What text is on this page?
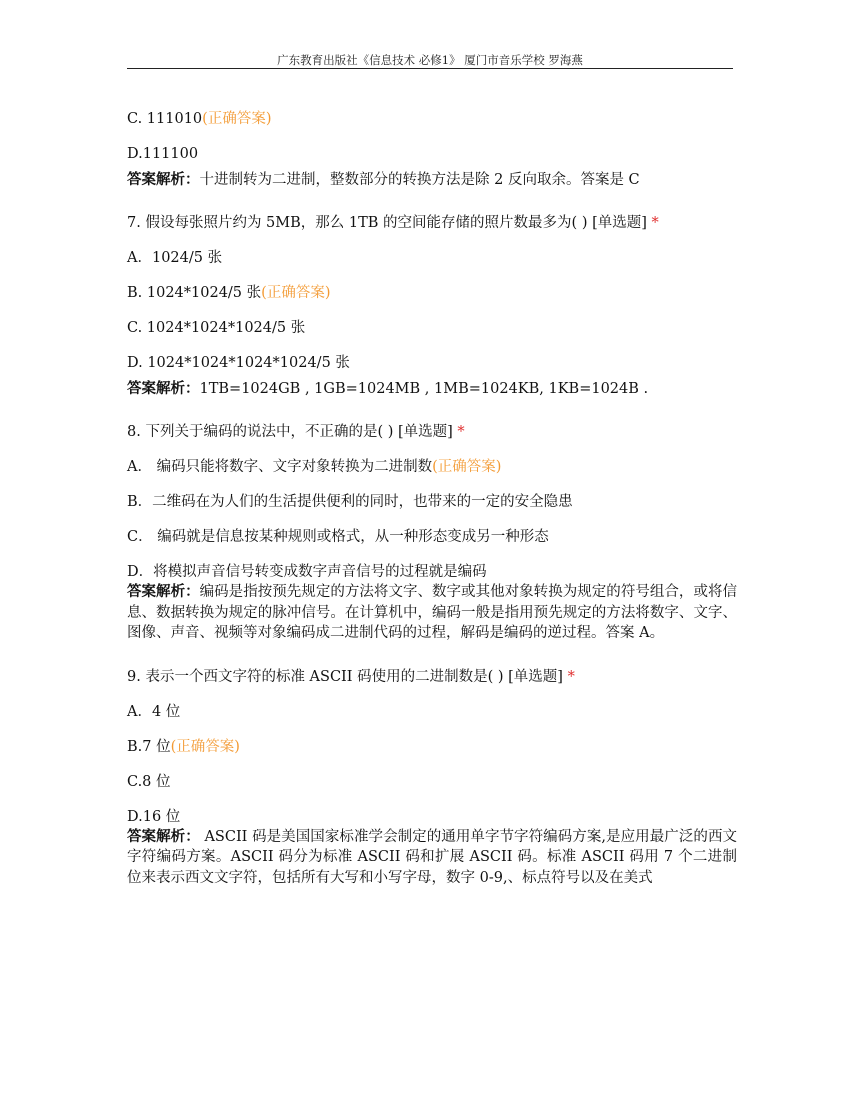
广东教育出版社《信息技术 必修1》 厦门市音乐学校 罗海燕

C. 111010(正确答案)

D.111100

答案解析：十进制转为二进制，整数部分的转换方法是除 2 反向取余。答案是 C

7. 假设每张照片约为 5MB，那么 1TB 的空间能存储的照片数最多为( ) [单选题] *

A．1024/5 张

B. 1024*1024/5 张(正确答案)

C. 1024*1024*1024/5 张

D. 1024*1024*1024*1024/5 张

答案解析：1TB=1024GB , 1GB=1024MB , 1MB=1024KB, 1KB=1024B .

8. 下列关于编码的说法中，不正确的是( ) [单选题] *

A． 编码只能将数字、文字对象转换为二进制数(正确答案)

B．二维码在为人们的生活提供便利的同时，也带来的一定的安全隐患

C． 编码就是信息按某种规则或格式，从一种形态变成另一种形态

D．将模拟声音信号转变成数字声音信号的过程就是编码

答案解析：编码是指按预先规定的方法将文字、数字或其他对象转换为规定的符号组合，或将信息、数据转换为规定的脉冲信号。在计算机中，编码一般是指用预先规定的方法将数字、文字、图像、声音、视频等对象编码成二进制代码的过程，解码是编码的逆过程。答案 A。

9. 表示一个西文字符的标准 ASCII 码使用的二进制数是( ) [单选题] *

A．4 位

B.7 位(正确答案)

C.8 位

D.16 位

答案解析： ASCII 码是美国国家标准学会制定的通用单字节字符编码方案,是应用最广泛的西文字符编码方案。ASCII 码分为标准 ASCII 码和扩展 ASCII 码。标准 ASCII 码用 7 个二进制位来表示西文文字符，包括所有大写和小写字母，数字 0-9,、标点符号以及在美式
